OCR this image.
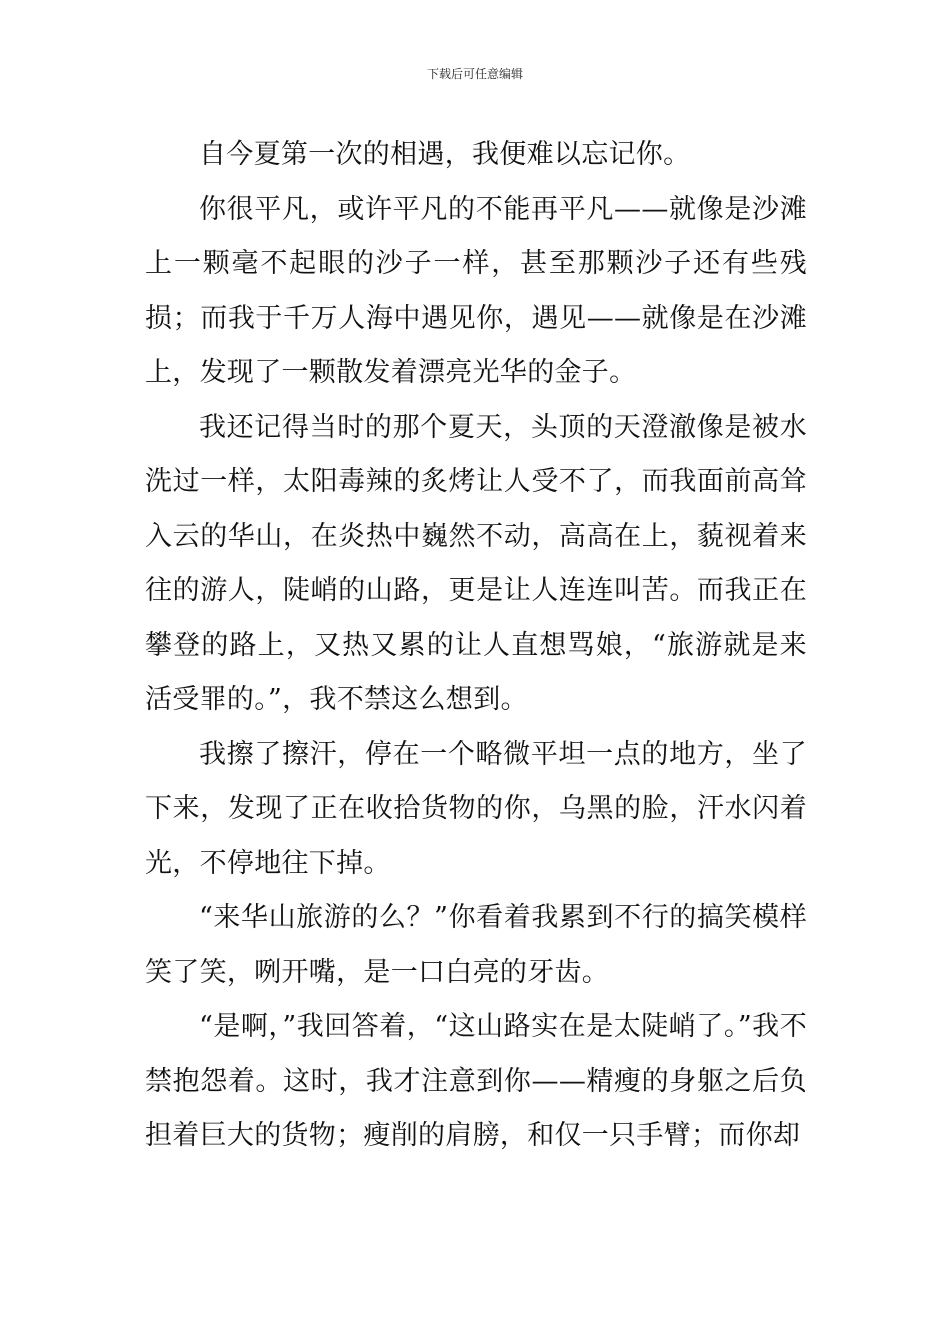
下载后可任意编辑

自今夏第一次的相遇，我便难以忘记你。

你很平凡，或许平凡的不能再平凡——就像是沙滩上一颗毫不起眼的沙子一样，甚至那颗沙子还有些残损；而我于千万人海中遇见你，遇见——就像是在沙滩上，发现了一颗散发着漂亮光华的金子。

我还记得当时的那个夏天，头顶的天澄澈像是被水洗过一样，太阳毒辣的炙烤让人受不了，而我面前高耸入云的华山，在炎热中巍然不动，高高在上，藐视着来往的游人，陡峭的山路，更是让人连连叫苦。而我正在攀登的路上，又热又累的让人直想骂娘，“旅游就是来活受罪的。”，我不禁这么想到。

我擦了擦汗，停在一个略微平坦一点的地方，坐了下来，发现了正在收拾货物的你，乌黑的脸，汗水闪着光，不停地往下掉。

“来华山旅游的么？”你看着我累到不行的搞笑模样笑了笑，咧开嘴，是一口白亮的牙齿。

“是啊，”我回答着，“这山路实在是太陡峭了。”我不禁抱怨着。这时，我才注意到你——精瘦的身躯之后负担着巨大的货物；瘦削的肩膀，和仅一只手臂；而你却
